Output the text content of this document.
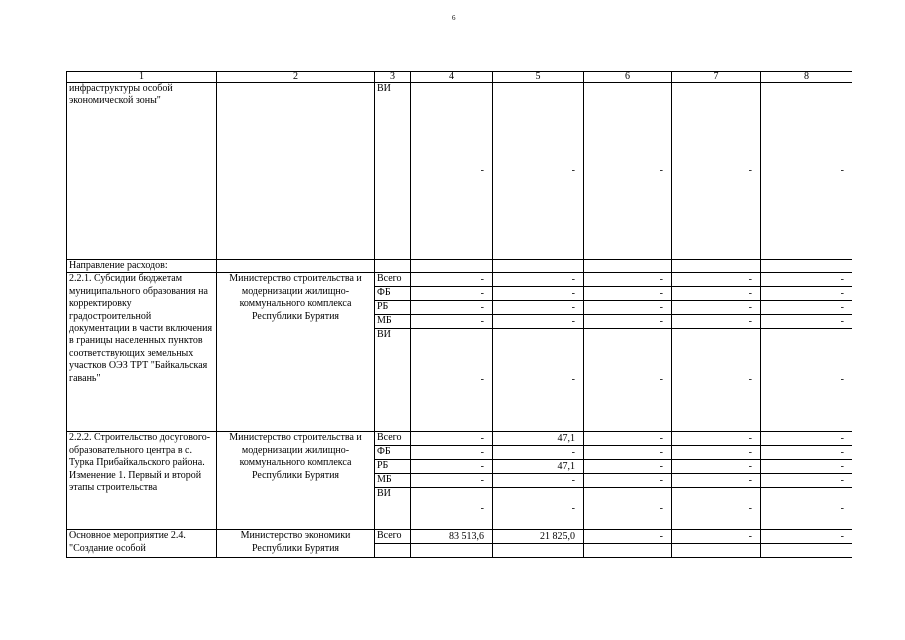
6
1	2	3	4	5	6	7	8
инфраструктуры особой экономической зоны"		ВИ	-	-	-	-	-
Направление расходов:							
2.2.1. Субсидии бюджетам муниципального образования на корректировку градостроительной документации в части включения в границы населенных пунктов соответствующих земельных участков ОЭЗ ТРТ "Байкальская гавань"	Министерство строительства и модернизации жилищно-коммунального комплекса Республики Бурятия	Всего	-	-	-	-	-
		ФБ	-	-	-	-	-
		РБ	-	-	-	-	-
		МБ	-	-	-	-	-
		ВИ	-	-	-	-	-
2.2.2. Строительство досугового-образовательного центра в с. Турка Прибайкальского района. Изменение 1. Первый и второй этапы строительства	Министерство строительства и модернизации жилищно-коммунального комплекса Республики Бурятия	Всего	-	47,1	-	-	-
		ФБ	-	-	-	-	-
		РБ	-	47,1	-	-	-
		МБ	-	-	-	-	-
		ВИ	-	-	-	-	-
Основное мероприятие 2.4. "Создание особой	Министерство экономики Республики Бурятия	Всего	83 513,6	21 825,0	-	-	-
